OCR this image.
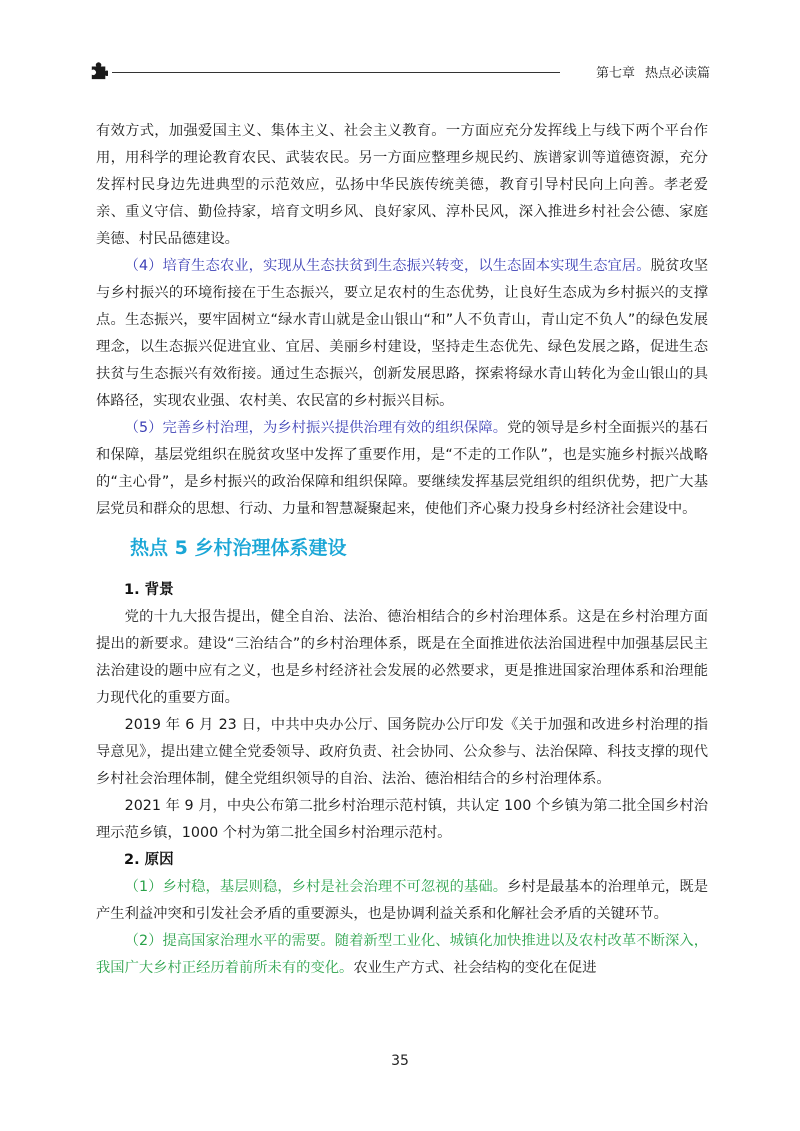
第七章 热点必读篇

有效方式，加强爱国主义、集体主义、社会主义教育。一方面应充分发挥线上与线下两个平台作用，用科学的理论教育农民、武装农民。另一方面应整理乡规民约、族谱家训等道德资源，充分发挥村民身边先进典型的示范效应，弘扬中华民族传统美德，教育引导村民向上向善。孝老爱亲、重义守信、勤俭持家，培育文明乡风、良好家风、淳朴民风，深入推进乡村社会公德、家庭美德、村民品德建设。

（4）培育生态农业，实现从生态扶贫到生态振兴转变，以生态固本实现生态宜居。脱贫攻坚与乡村振兴的环境衔接在于生态振兴，要立足农村的生态优势，让良好生态成为乡村振兴的支撑点。生态振兴，要牢固树立“绿水青山就是金山银山“和”人不负青山，青山定不负人”的绿色发展理念，以生态振兴促进宜业、宜居、美丽乡村建设，坚持走生态优先、绿色发展之路，促进生态扶贫与生态振兴有效衔接。通过生态振兴，创新发展思路，探索将绿水青山转化为金山银山的具体路径，实现农业强、农村美、农民富的乡村振兴目标。

（5）完善乡村治理，为乡村振兴提供治理有效的组织保障。党的领导是乡村全面振兴的基石和保障，基层党组织在脱贫攻坚中发挥了重要作用，是“不走的工作队”，也是实施乡村振兴战略的“主心骨”，是乡村振兴的政治保障和组织保障。要继续发挥基层党组织的组织优势，把广大基层党员和群众的思想、行动、力量和智慧凝聚起来，使他们齐心聚力投身乡村经济社会建设中。

热点 5 乡村治理体系建设
1. 背景

党的十九大报告提出，健全自治、法治、德治相结合的乡村治理体系。这是在乡村治理方面提出的新要求。建设“三治结合”的乡村治理体系，既是在全面推进依法治国进程中加强基层民主法治建设的题中应有之义，也是乡村经济社会发展的必然要求，更是推进国家治理体系和治理能力现代化的重要方面。

2019 年 6 月 23 日，中共中央办公厅、国务院办公厅印发《关于加强和改进乡村治理的指导意见》，提出建立健全党委领导、政府负责、社会协同、公众参与、法治保障、科技支撑的现代乡村社会治理体制，健全党组织领导的自治、法治、德治相结合的乡村治理体系。

2021 年 9 月，中央公布第二批乡村治理示范村镇，共认定 100 个乡镇为第二批全国乡村治理示范乡镇，1000 个村为第二批全国乡村治理示范村。

2. 原因

（1）乡村稳，基层则稳，乡村是社会治理不可忽视的基础。乡村是最基本的治理单元，既是产生利益冲突和引发社会矛盾的重要源头，也是协调利益关系和化解社会矛盾的关键环节。

（2）提高国家治理水平的需要。随着新型工业化、城镇化加快推进以及农村改革不断深入，我国广大乡村正经历着前所未有的变化。农业生产方式、社会结构的变化在促进

35
